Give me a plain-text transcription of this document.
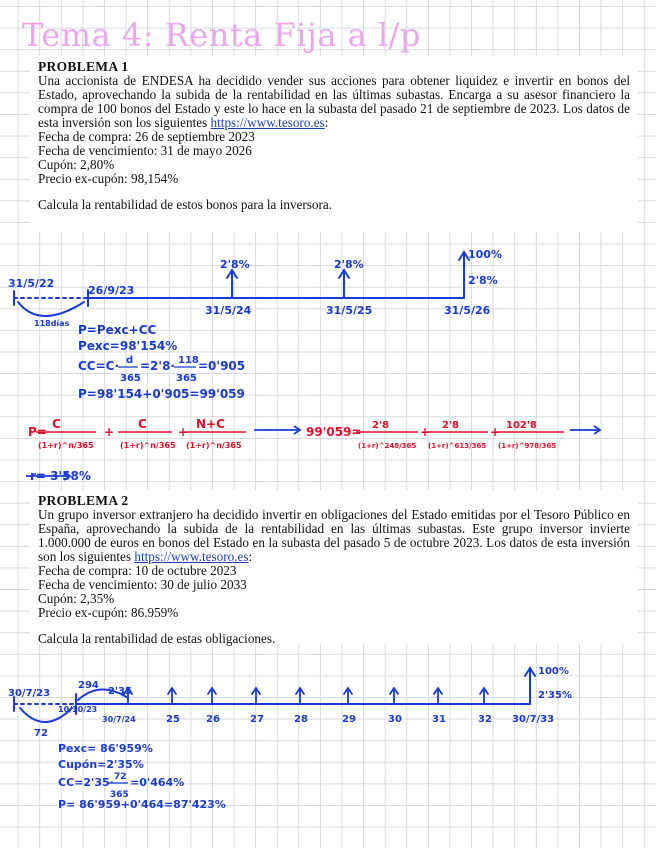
Tema 4: Renta Fija a l/p
PROBLEMA 1

Una accionista de ENDESA ha decidido vender sus acciones para obtener liquidez e invertir en bonos del Estado, aprovechando la subida de la rentabilidad en las últimas subastas. Encarga a su asesor financiero la compra de 100 bonos del Estado y este lo hace en la subasta del pasado 21 de septiembre de 2023. Los datos de esta inversión son los siguientes https://www.tesoro.es:

Fecha de compra: 26 de septiembre 2023
Fecha de vencimiento: 31 de mayo 2026
Cupón: 2,80%
Precio ex-cupón: 98,154%

Calcula la rentabilidad de estos bonos para la inversora.

PROBLEMA 2

Un grupo inversor extranjero ha decidido invertir en obligaciones del Estado emitidas por el Tesoro Público en España, aprovechando la subida de la rentabilidad en las últimas subastas. Este grupo inversor invierte 1.000.000 de euros en bonos del Estado en la subasta del pasado 5 de octubre 2023. Los datos de esta inversión son los siguientes https://www.tesoro.es:

Fecha de compra: 10 de octubre 2023
Fecha de vencimiento: 30 de julio 2033
Cupón: 2,35%
Precio ex-cupón: 86.959%

Calcula la rentabilidad de estas obligaciones.

31/5/22
26/9/23
118días
2'8%	2'8%
100%
2'8%
31/5/24	31/5/25	31/5/26
P=Pexc+CC
Pexc=98'154%
CC=C· d
365
=2'8· 118
365
=0'905
P=98'154+0'905=99'059
r= 3'58%
P=
C
(1+r)^n/365
+
C
(1+r)^n/365
+
N+C
(1+r)^n/365
99'059= 2'8
(1+r)^248/365
+ 2'8
(1+r)^613/365
+ 102'8
(1+r)^978/365
30/7/23
10/10/23
72
294
2'35
100%
2'35%
30/7/24	25	26	27	28	29	30	31	32 30/7/33
Pexc= 86'959%
Cupón=2'35%
CC=2'35· 72
365
=0'464%
P= 86'959+0'464=87'423%
